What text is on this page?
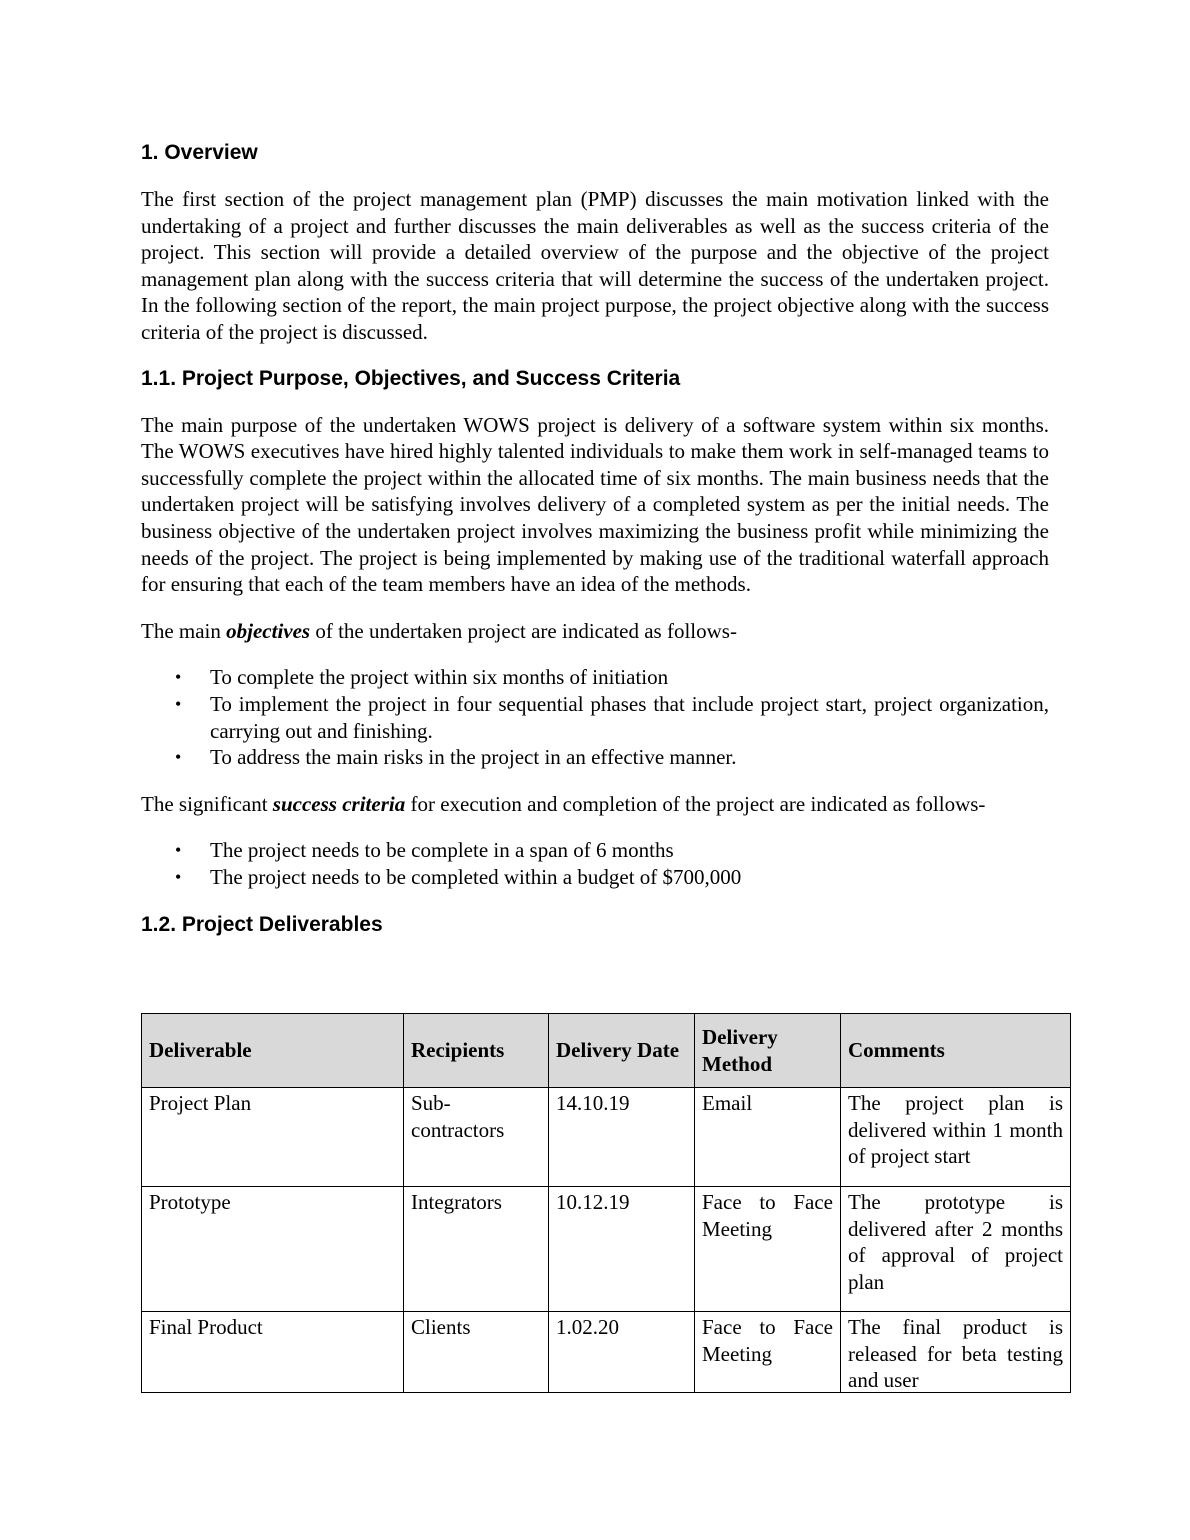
1. Overview

The first section of the project management plan (PMP) discusses the main motivation linked with the undertaking of a project and further discusses the main deliverables as well as the success criteria of the project. This section will provide a detailed overview of the purpose and the objective of the project management plan along with the success criteria that will determine the success of the undertaken project. In the following section of the report, the main project purpose, the project objective along with the success criteria of the project is discussed.

1.1. Project Purpose, Objectives, and Success Criteria

The main purpose of the undertaken WOWS project is delivery of a software system within six months. The WOWS executives have hired highly talented individuals to make them work in self-managed teams to successfully complete the project within the allocated time of six months. The main business needs that the undertaken project will be satisfying involves delivery of a completed system as per the initial needs. The business objective of the undertaken project involves maximizing the business profit while minimizing the needs of the project. The project is being implemented by making use of the traditional waterfall approach for ensuring that each of the team members have an idea of the methods.

The main objectives of the undertaken project are indicated as follows-

• To complete the project within six months of initiation
• To implement the project in four sequential phases that include project start, project organization, carrying out and finishing.
• To address the main risks in the project in an effective manner.

The significant success criteria for execution and completion of the project are indicated as follows-

• The project needs to be complete in a span of 6 months
• The project needs to be completed within a budget of $700,000
1.2. Project Deliverables
Deliverable	Recipients	Delivery Date	Delivery Method	Comments

Project Plan	Sub-contractors	14.10.19	Email	The project plan is delivered within 1 month of project start

Prototype	Integrators	10.12.19	Face to Face Meeting	The prototype is delivered after 2 months of approval of project plan

Final Product	Clients	1.02.20	Face to Face Meeting	The final product is released for beta testing and user
